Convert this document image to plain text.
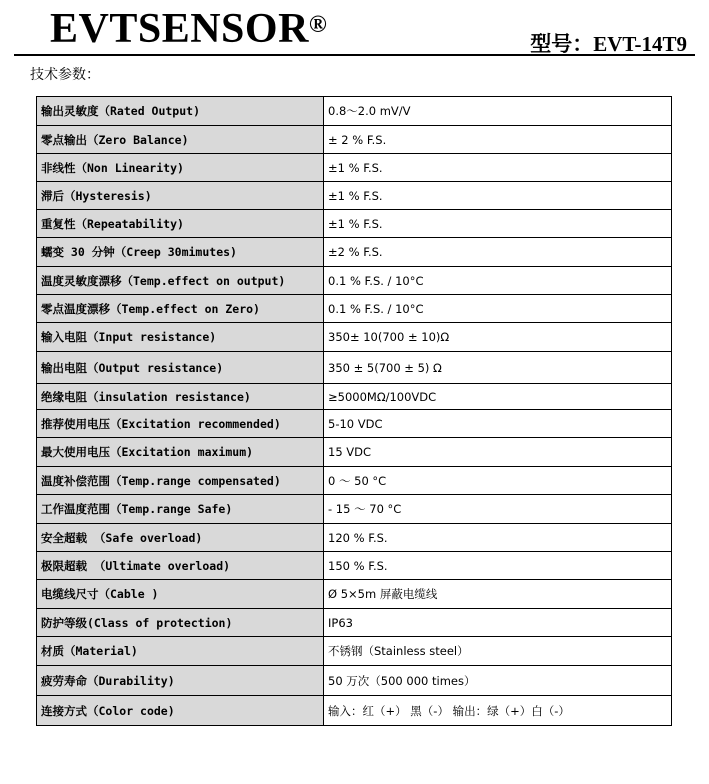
EVTSENSOR®
型号：EVT-14T9
技术参数：
输出灵敏度（Rated Output)	0.8～2.0 mV/V
零点输出（Zero Balance)	± 2 % F.S.
非线性（Non Linearity)	±1 % F.S.
滞后（Hysteresis)	±1 % F.S.
重复性（Repeatability)	±1 % F.S.
蠕变 30 分钟（Creep 30mimutes)	±2 % F.S.
温度灵敏度漂移（Temp.effect on output)	0.1 % F.S. / 10°C
零点温度漂移（Temp.effect on Zero)	0.1 % F.S. / 10°C
输入电阻（Input resistance)	350± 10(700 ± 10)Ω
输出电阻（Output resistance)	350 ± 5(700 ± 5) Ω
绝缘电阻（insulation resistance)	≥5000MΩ/100VDC
推荐使用电压（Excitation recommended)	5-10 VDC
最大使用电压（Excitation maximum)	15 VDC
温度补偿范围（Temp.range compensated)	0 ～ 50 °C
工作温度范围（Temp.range Safe)	- 15 ～ 70 °C
安全超载 （Safe overload)	120 % F.S.
极限超载 （Ultimate overload)	150 % F.S.
电缆线尺寸（Cable )	Ø 5×5m 屏蔽电缆线
防护等级(Class of protection)	IP63
材质（Material)	不锈钢（Stainless steel）
疲劳寿命（Durability)	50 万次（500 000 times）
连接方式（Color code)	输入：红（+） 黑（-） 输出：绿（+）白（-）
